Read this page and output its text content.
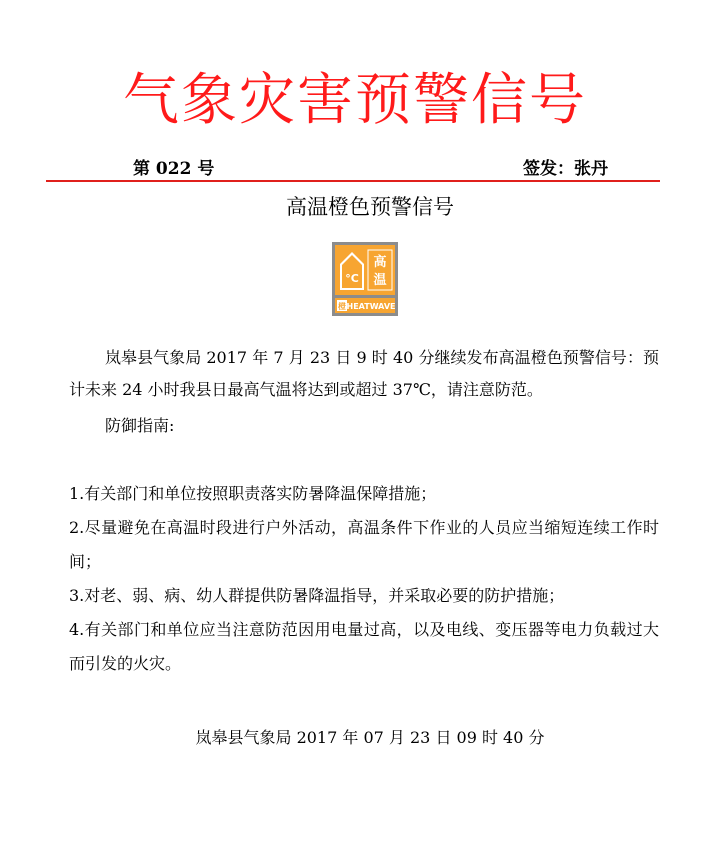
气象灾害预警信号
第 022 号	签发：张丹
高温橙色预警信号
°C
高
温
橙 HEATWAVE
岚皋县气象局 2017 年 7 月 23 日 9 时 40 分继续发布高温橙色预警信号：预计未来 24 小时我县日最高气温将达到或超过 37℃，请注意防范。
防御指南:
1.有关部门和单位按照职责落实防暑降温保障措施；
2.尽量避免在高温时段进行户外活动，高温条件下作业的人员应当缩短连续工作时间；
3.对老、弱、病、幼人群提供防暑降温指导，并采取必要的防护措施；
4.有关部门和单位应当注意防范因用电量过高，以及电线、变压器等电力负载过大而引发的火灾。
岚皋县气象局 2017 年 07 月 23 日 09 时 40 分
